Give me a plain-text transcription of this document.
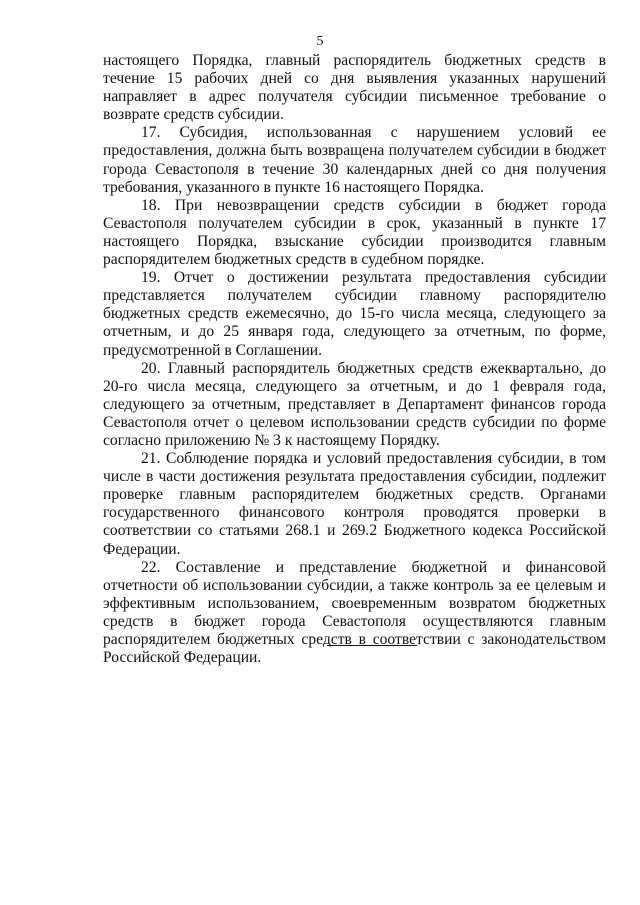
5

настоящего Порядка, главный распорядитель бюджетных средств в течение 15 рабочих дней со дня выявления указанных нарушений направляет в адрес получателя субсидии письменное требование о возврате средств субсидии.

17. Субсидия, использованная с нарушением условий ее предоставления, должна быть возвращена получателем субсидии в бюджет города Севастополя в течение 30 календарных дней со дня получения требования, указанного в пункте 16 настоящего Порядка.

18. При невозвращении средств субсидии в бюджет города Севастополя получателем субсидии в срок, указанный в пункте 17 настоящего Порядка, взыскание субсидии производится главным распорядителем бюджетных средств в судебном порядке.

19. Отчет о достижении результата предоставления субсидии представляется получателем субсидии главному распорядителю бюджетных средств ежемесячно, до 15-го числа месяца, следующего за отчетным, и до 25 января года, следующего за отчетным, по форме, предусмотренной в Соглашении.

20. Главный распорядитель бюджетных средств ежеквартально, до 20-го числа месяца, следующего за отчетным, и до 1 февраля года, следующего за отчетным, представляет в Департамент финансов города Севастополя отчет о целевом использовании средств субсидии по форме согласно приложению № 3 к настоящему Порядку.

21. Соблюдение порядка и условий предоставления субсидии, в том числе в части достижения результата предоставления субсидии, подлежит проверке главным распорядителем бюджетных средств. Органами государственного финансового контроля проводятся проверки в соответствии со статьями 268.1 и 269.2 Бюджетного кодекса Российской Федерации.

22. Составление и представление бюджетной и финансовой отчетности об использовании субсидии, а также контроль за ее целевым и эффективным использованием, своевременным возвратом бюджетных средств в бюджет города Севастополя осуществляются главным распорядителем бюджетных средств в соответствии с законодательством Российской Федерации.
